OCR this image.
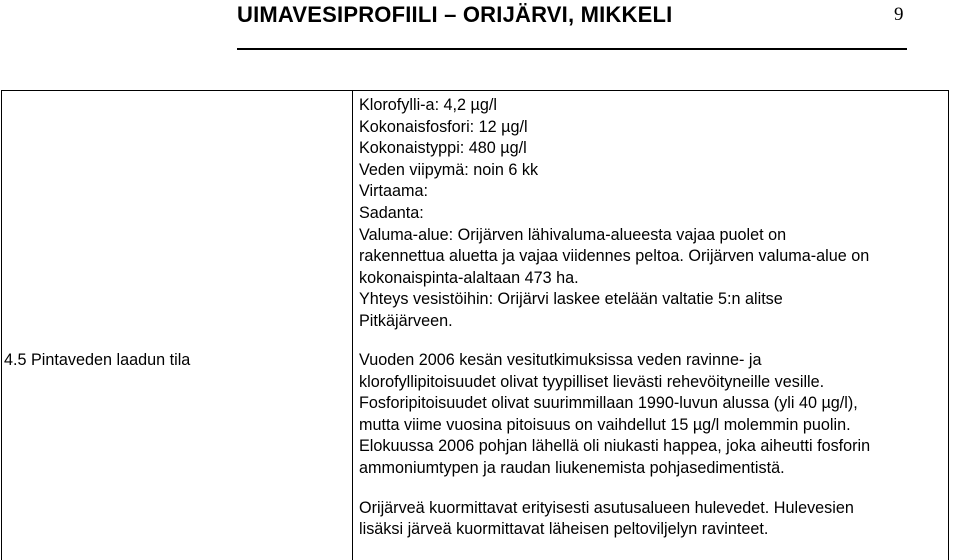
UIMAVESIPROFIILI – ORIJÄRVI, MIKKELI	9

Klorofylli-a: 4,2 µg/l

Kokonaisfosfori: 12 µg/l

Kokonaistyppi: 480 µg/l

Veden viipymä: noin 6 kk

Virtaama:

Sadanta:

Valuma-alue: Orijärven lähivaluma-alueesta vajaa puolet on

rakennettua aluetta ja vajaa viidennes peltoa. Orijärven valuma-alue on

kokonaispinta-alaltaan 473 ha.

Yhteys vesistöihin: Orijärvi laskee etelään valtatie 5:n alitse

Pitkäjärveen.

4.5 Pintaveden laadun tila	Vuoden 2006 kesän vesitutkimuksissa veden ravinne- ja

klorofyllipitoisuudet olivat tyypilliset lievästi rehevöityneille vesille.

Fosforipitoisuudet olivat suurimmillaan 1990-luvun alussa (yli 40 µg/l),

mutta viime vuosina pitoisuus on vaihdellut 15 µg/l molemmin puolin.

Elokuussa 2006 pohjan lähellä oli niukasti happea, joka aiheutti fosforin

ammoniumtypen ja raudan liukenemista pohjasedimentistä.

Orijärveä kuormittavat erityisesti asutusalueen hulevedet. Hulevesien

lisäksi järveä kuormittavat läheisen peltoviljelyn ravinteet.
